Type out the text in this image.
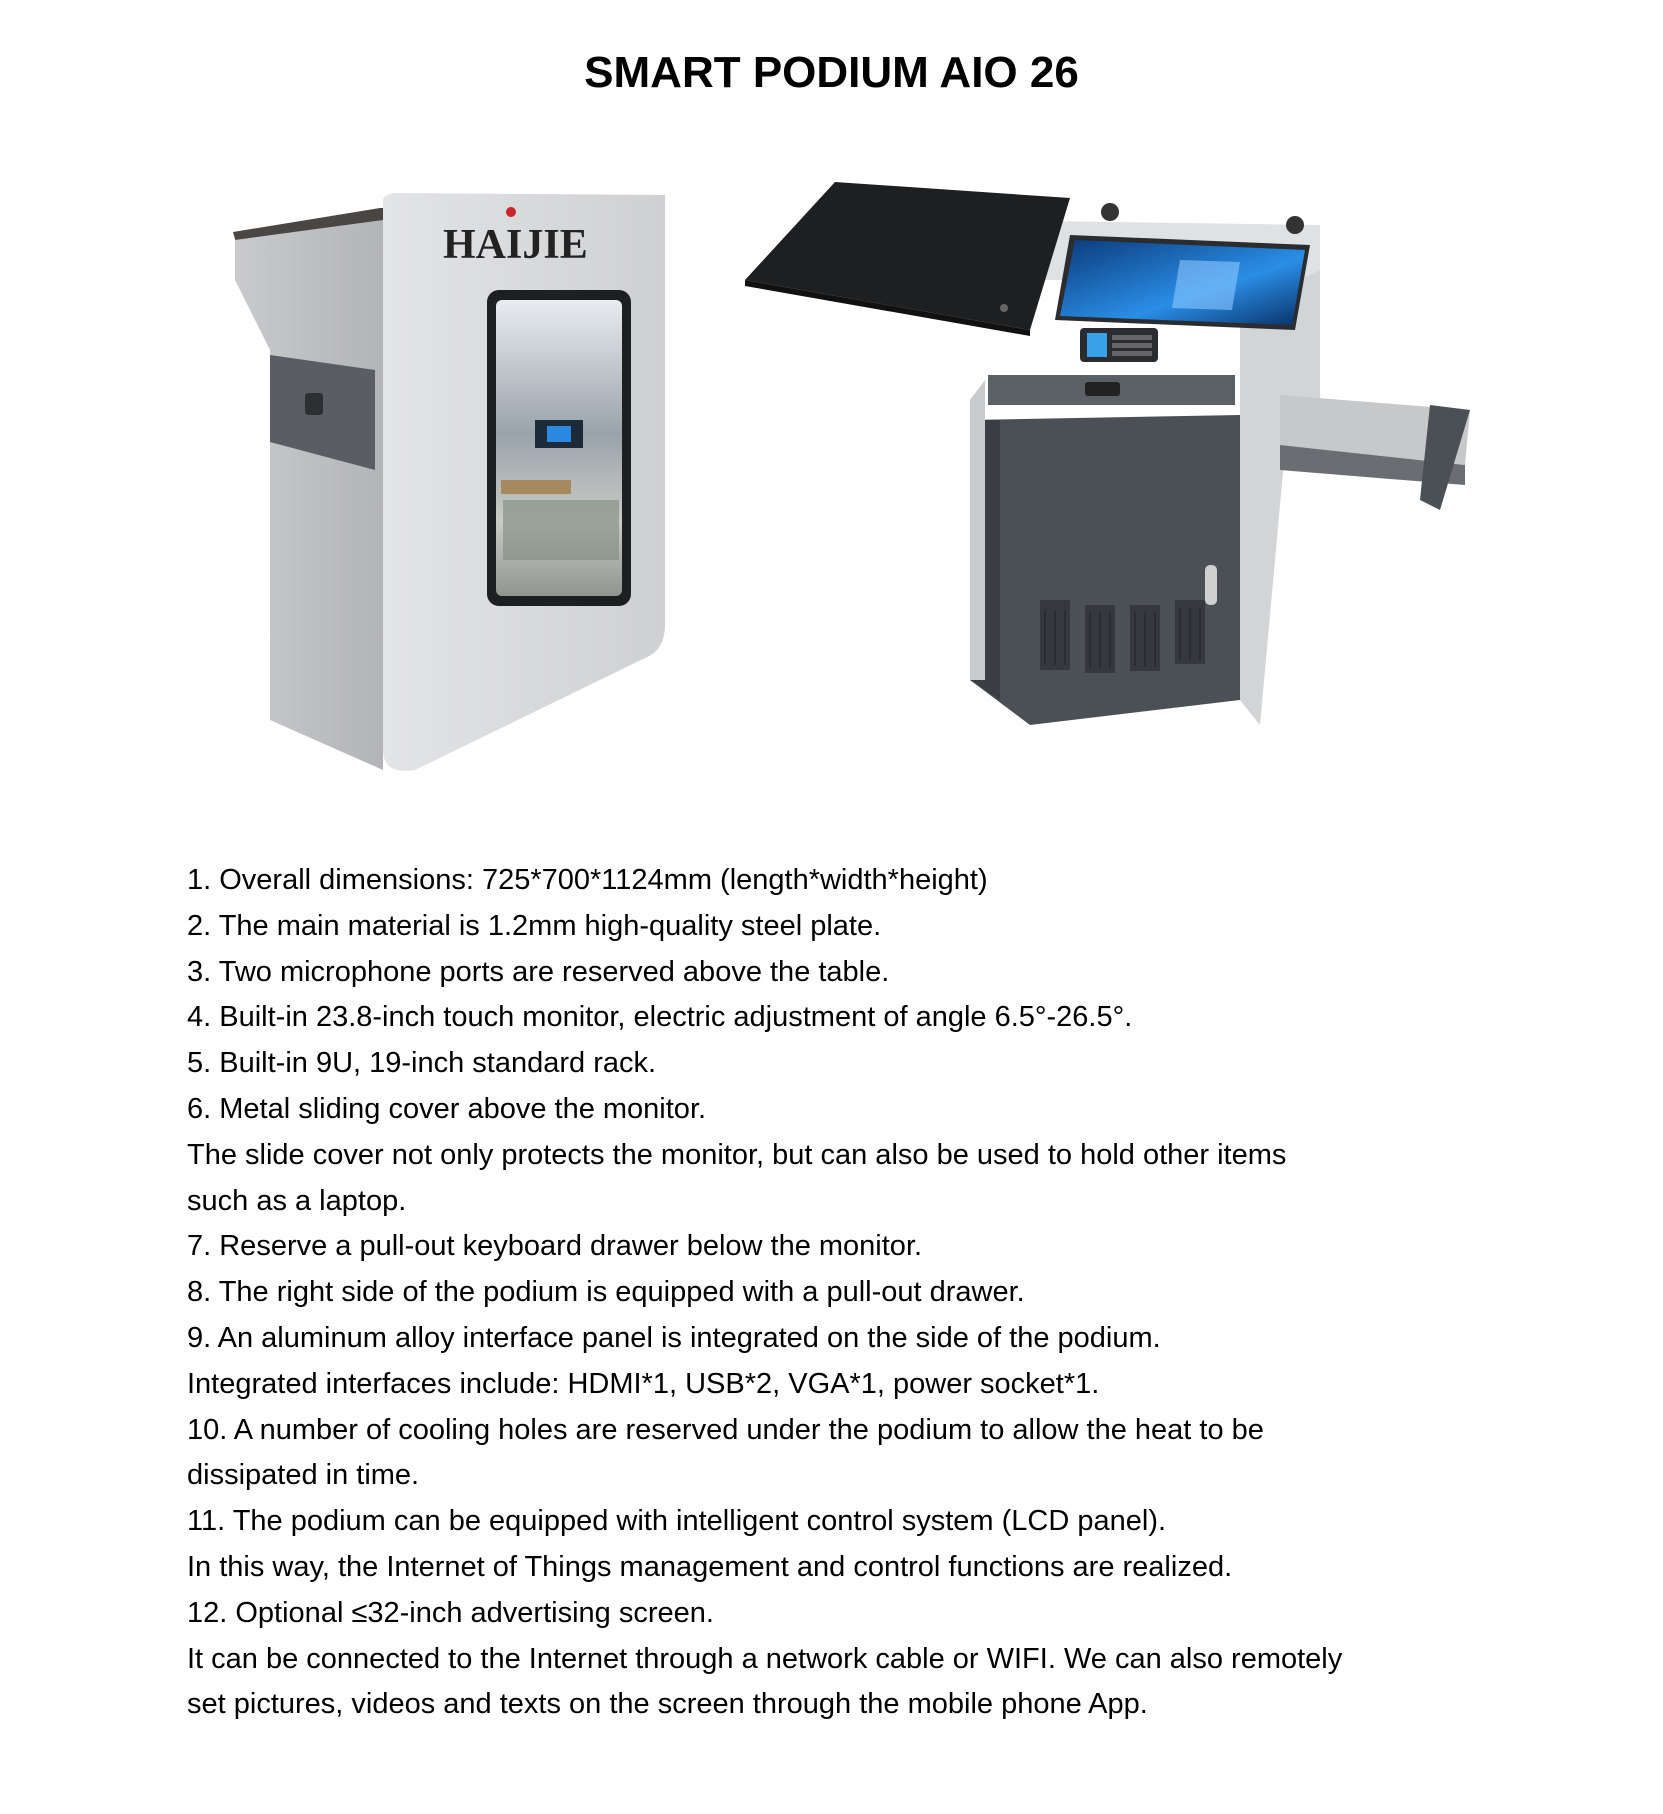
SMART PODIUM AIO 26
HAIJIE

1. Overall dimensions: 725*700*1124mm (length*width*height)

2. The main material is 1.2mm high-quality steel plate.

3. Two microphone ports are reserved above the table.

4. Built-in 23.8-inch touch monitor, electric adjustment of angle 6.5°-26.5°.

5. Built-in 9U, 19-inch standard rack.

6. Metal sliding cover above the monitor.

The slide cover not only protects the monitor, but can also be used to hold other items

such as a laptop.

7. Reserve a pull-out keyboard drawer below the monitor.

8. The right side of the podium is equipped with a pull-out drawer.

9. An aluminum alloy interface panel is integrated on the side of the podium.

Integrated interfaces include: HDMI*1, USB*2, VGA*1, power socket*1.

10. A number of cooling holes are reserved under the podium to allow the heat to be

dissipated in time.

11. The podium can be equipped with intelligent control system (LCD panel).

In this way, the Internet of Things management and control functions are realized.

12. Optional ≤32-inch advertising screen.

It can be connected to the Internet through a network cable or WIFI. We can also remotely

set pictures, videos and texts on the screen through the mobile phone App.
